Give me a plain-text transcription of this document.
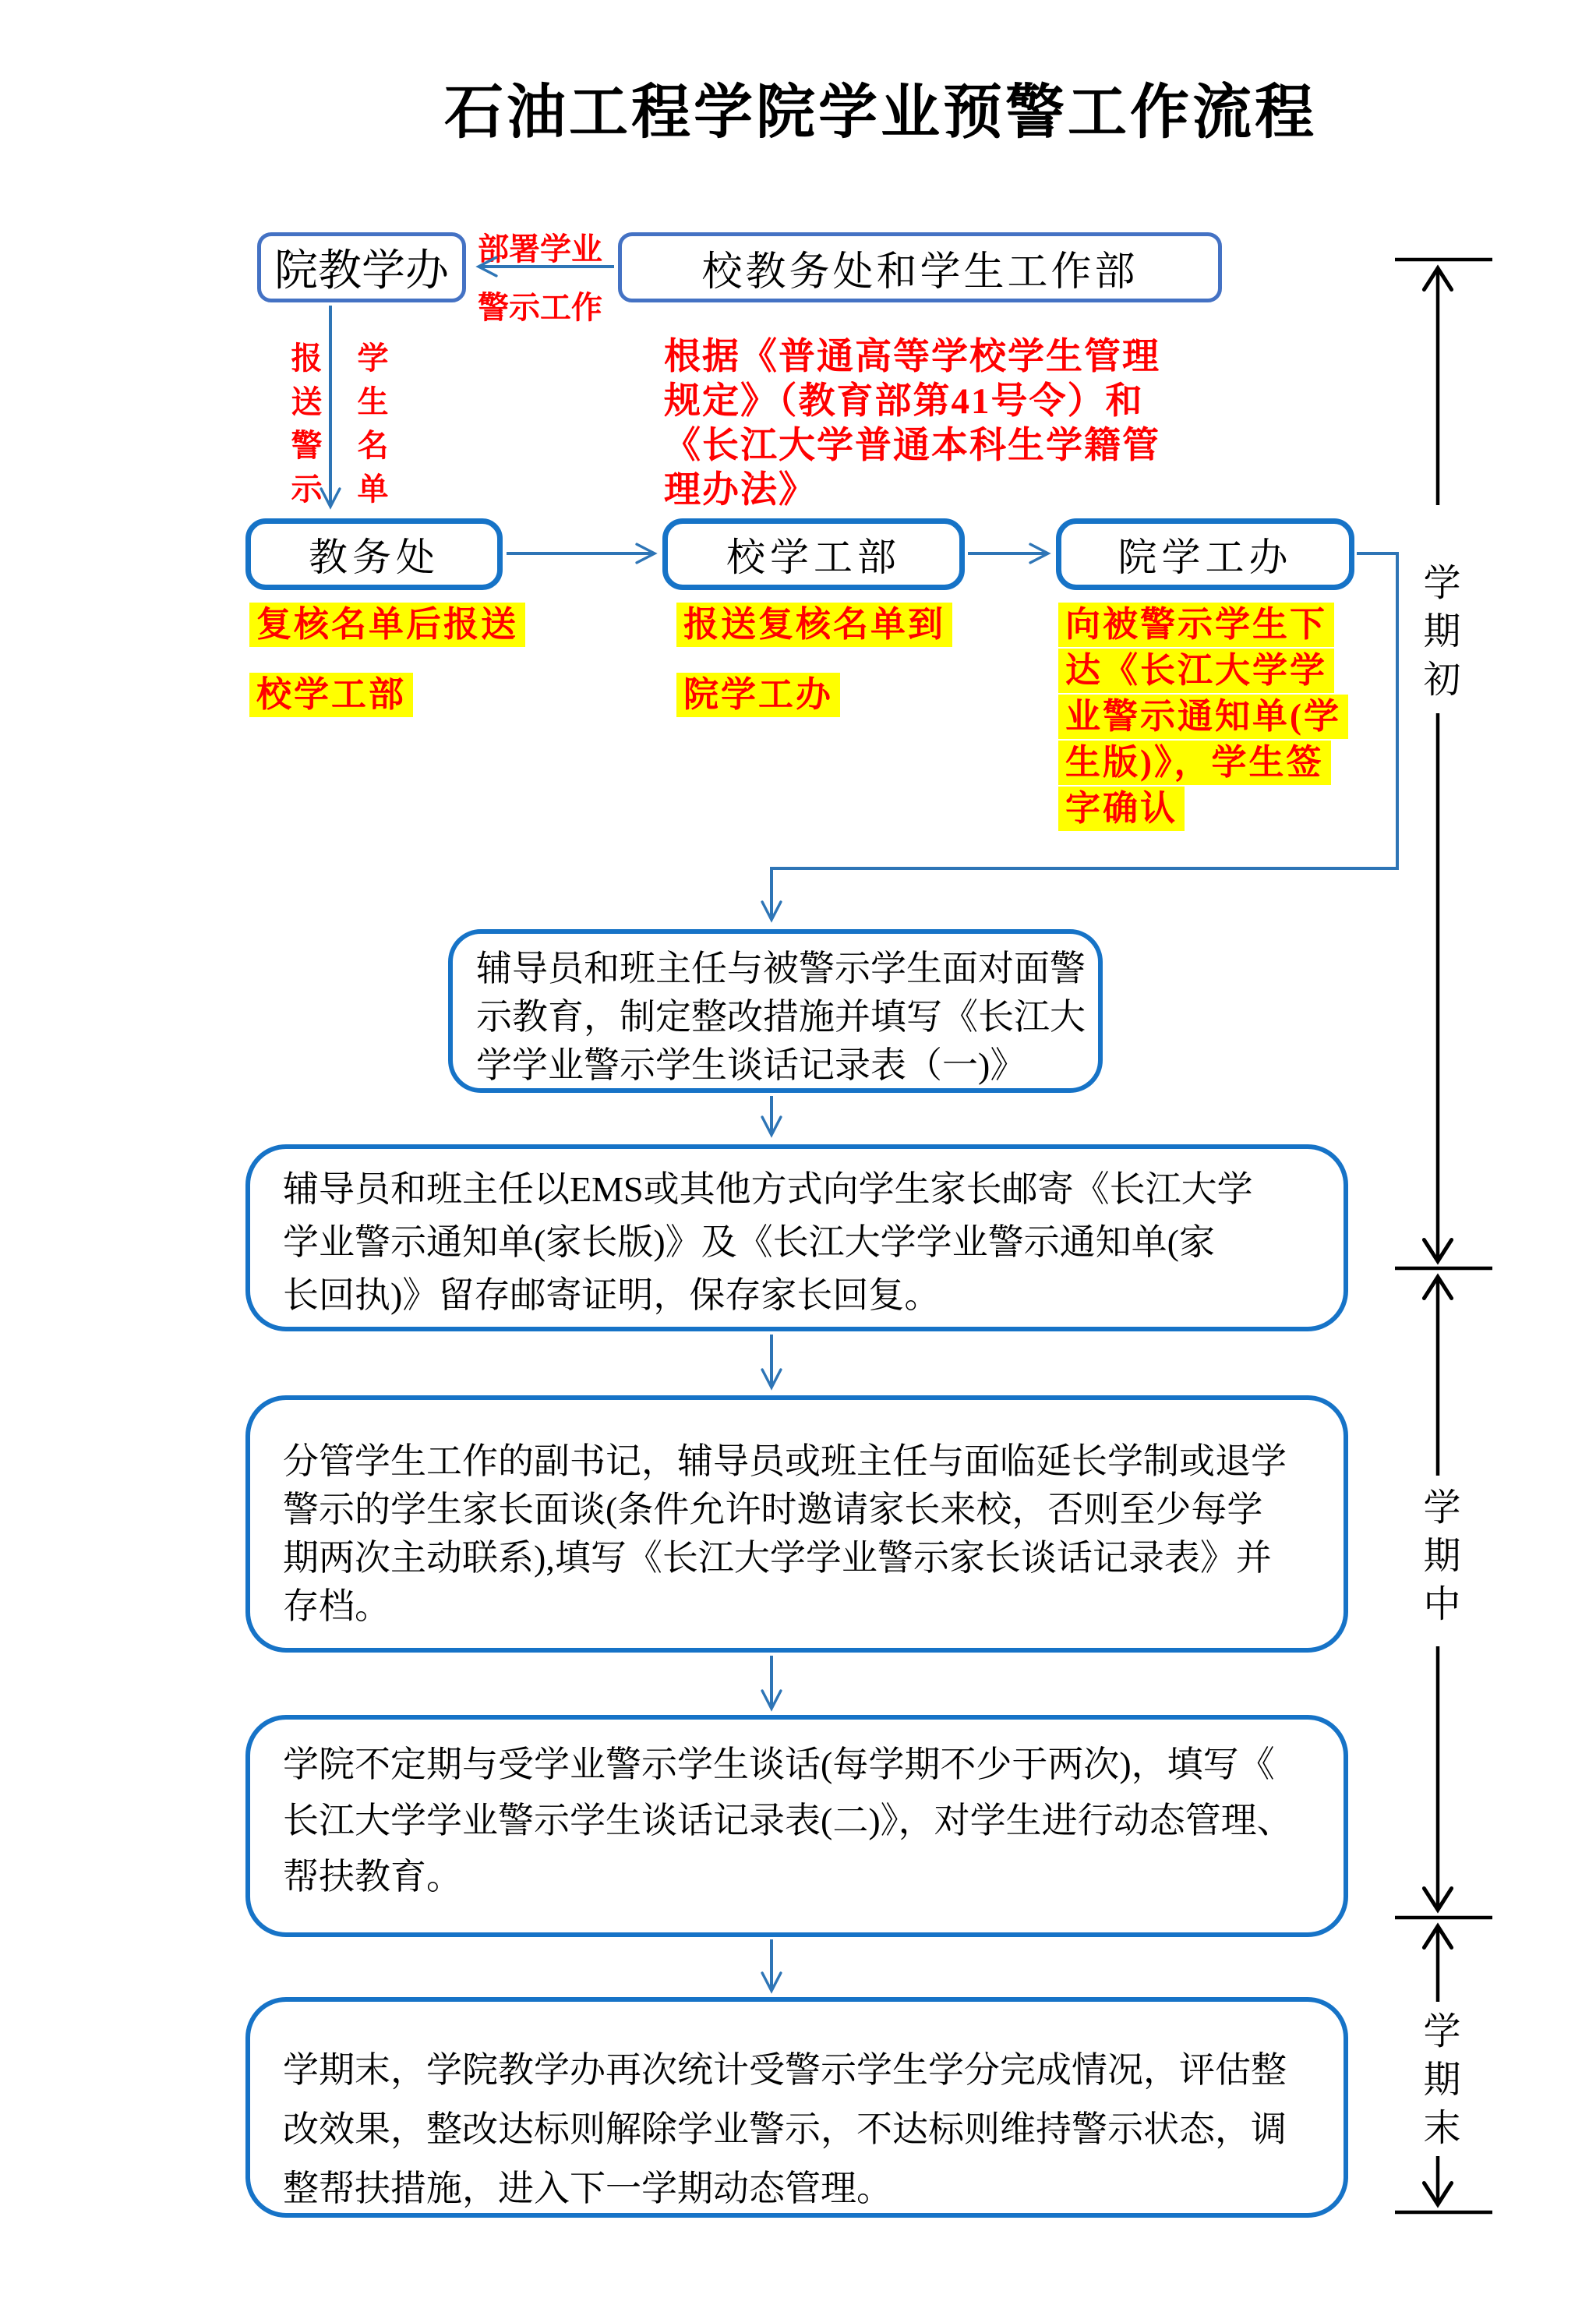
石油工程学院学业预警工作流程
院教学办	校教务处和学生工作部
部署学业
警示工作
根据《普通高等学校学生管理
规定》（教育部第41号令）和
《长江大学普通本科生学籍管
理办法》
报送警示 学生名单
教务处	校学工部	院学工办
复核名单后报送
校学工部
报送复核名单到
院学工办
向被警示学生下
达《长江大学学
业警示通知单(学
生版)》，学生签
字确认
辅导员和班主任与被警示学生面对面警
示教育，制定整改措施并填写《长江大
学学业警示学生谈话记录表（一)》
辅导员和班主任以EMS或其他方式向学生家长邮寄《长江大学
学业警示通知单(家长版)》及《长江大学学业警示通知单(家
长回执)》留存邮寄证明，保存家长回复。
分管学生工作的副书记，辅导员或班主任与面临延长学制或退学
警示的学生家长面谈(条件允许时邀请家长来校，否则至少每学
期两次主动联系),填写《长江大学学业警示家长谈话记录表》并
存档。
学院不定期与受学业警示学生谈话(每学期不少于两次)，填写《
长江大学学业警示学生谈话记录表(二)》，对学生进行动态管理、
帮扶教育。
学期末，学院教学办再次统计受警示学生学分完成情况，评估整
改效果，整改达标则解除学业警示，不达标则维持警示状态，调
整帮扶措施，进入下一学期动态管理。
学期初
学期中
学期末
